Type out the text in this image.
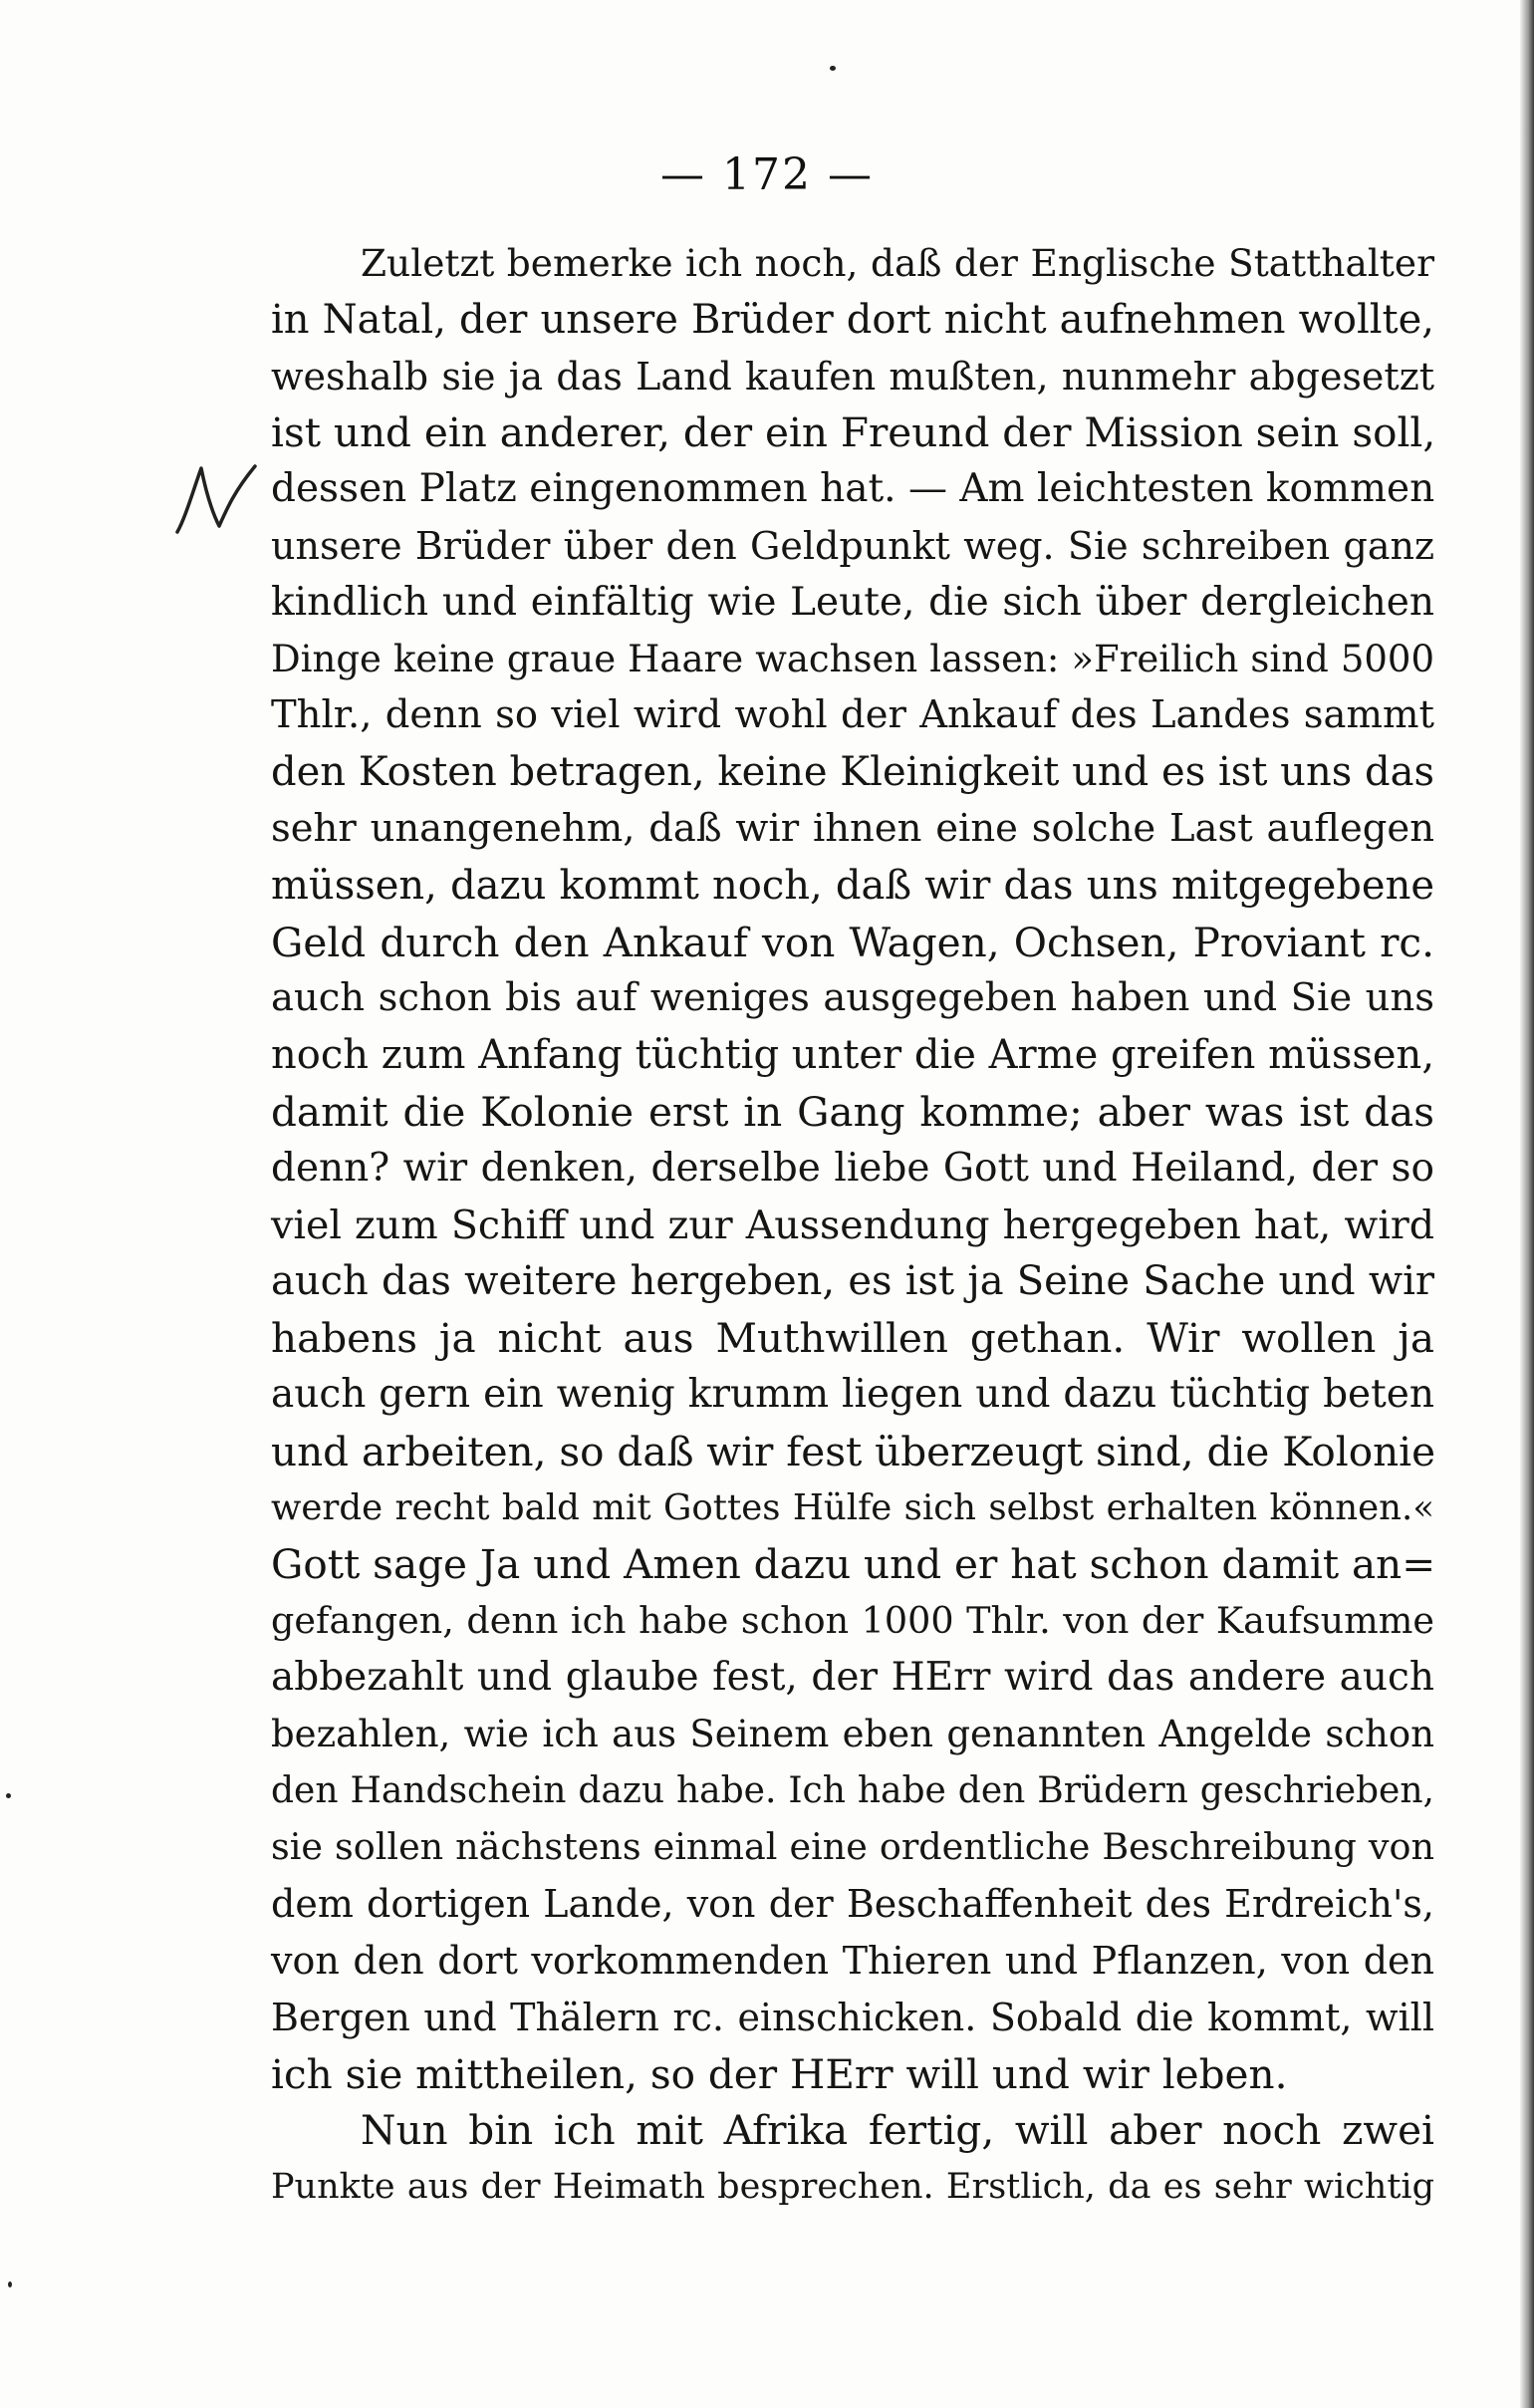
— 172 —
Zuletzt bemerke ich noch, daß der Englische Statthalter
in Natal, der unsere Brüder dort nicht aufnehmen wollte,
weshalb sie ja das Land kaufen mußten, nunmehr abgesetzt
ist und ein anderer, der ein Freund der Mission sein soll,
dessen Platz eingenommen hat. — Am leichtesten kommen
unsere Brüder über den Geldpunkt weg. Sie schreiben ganz
kindlich und einfältig wie Leute, die sich über dergleichen
Dinge keine graue Haare wachsen lassen: »Freilich sind 5000
Thlr., denn so viel wird wohl der Ankauf des Landes sammt
den Kosten betragen, keine Kleinigkeit und es ist uns das
sehr unangenehm, daß wir ihnen eine solche Last auflegen
müssen, dazu kommt noch, daß wir das uns mitgegebene
Geld durch den Ankauf von Wagen, Ochsen, Proviant rc.
auch schon bis auf weniges ausgegeben haben und Sie uns
noch zum Anfang tüchtig unter die Arme greifen müssen,
damit die Kolonie erst in Gang komme; aber was ist das
denn? wir denken, derselbe liebe Gott und Heiland, der so
viel zum Schiff und zur Aussendung hergegeben hat, wird
auch das weitere hergeben, es ist ja Seine Sache und wir
habens ja nicht aus Muthwillen gethan. Wir wollen ja
auch gern ein wenig krumm liegen und dazu tüchtig beten
und arbeiten, so daß wir fest überzeugt sind, die Kolonie
werde recht bald mit Gottes Hülfe sich selbst erhalten können.«
Gott sage Ja und Amen dazu und er hat schon damit an=
gefangen, denn ich habe schon 1000 Thlr. von der Kaufsumme
abbezahlt und glaube fest, der HErr wird das andere auch
bezahlen, wie ich aus Seinem eben genannten Angelde schon
den Handschein dazu habe. Ich habe den Brüdern geschrieben,
sie sollen nächstens einmal eine ordentliche Beschreibung von
dem dortigen Lande, von der Beschaffenheit des Erdreich's,
von den dort vorkommenden Thieren und Pflanzen, von den
Bergen und Thälern rc. einschicken. Sobald die kommt, will
ich sie mittheilen, so der HErr will und wir leben.
Nun bin ich mit Afrika fertig, will aber noch zwei
Punkte aus der Heimath besprechen. Erstlich, da es sehr wichtig
